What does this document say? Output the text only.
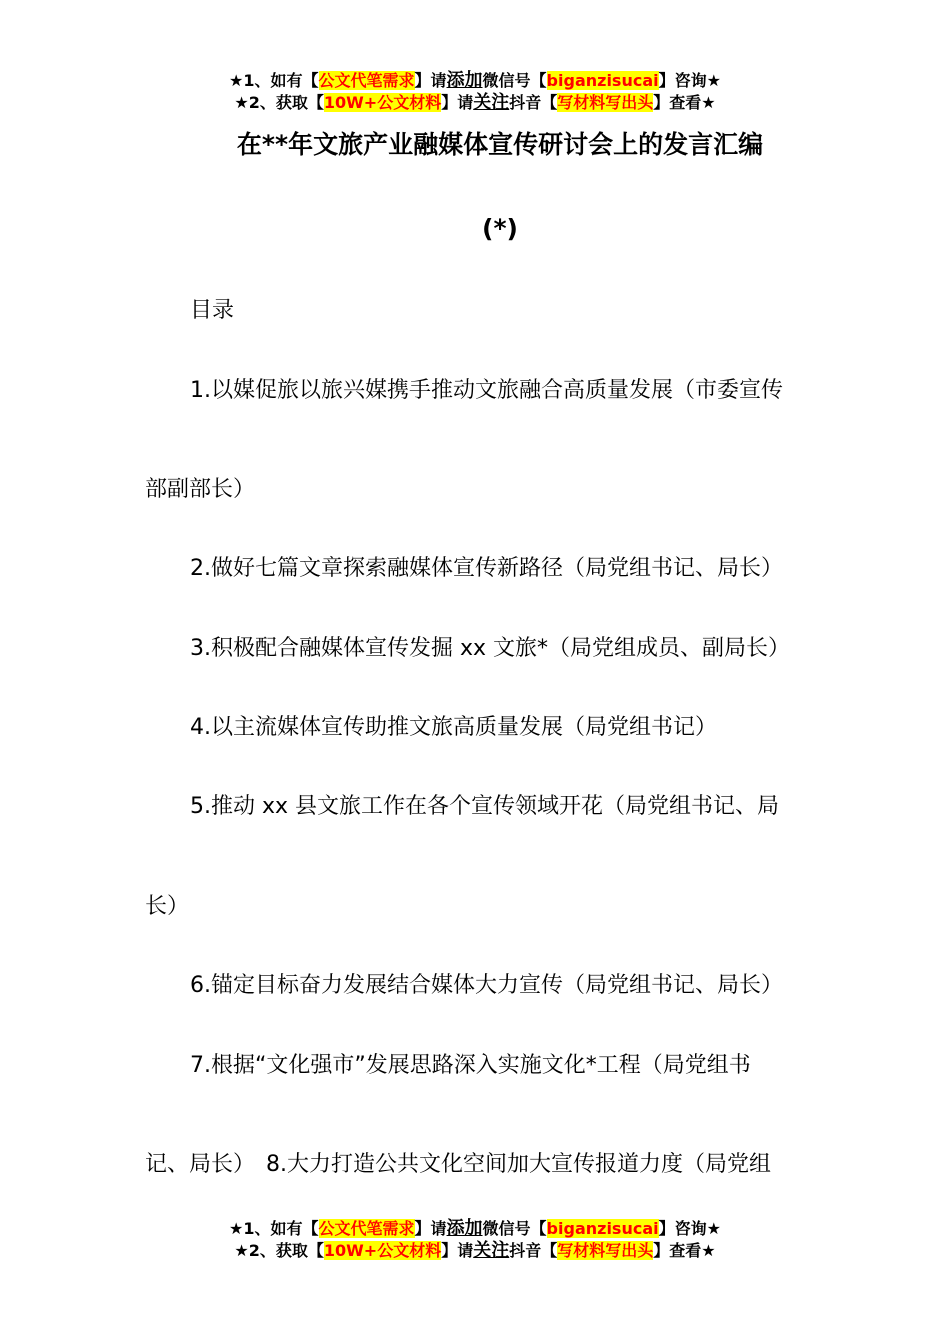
★1、如有【公文代笔需求】请添加微信号【biganzisucai】咨询★
★2、获取【10W+公文材料】请关注抖音【写材料写出头】查看★
在**年文旅产业融媒体宣传研讨会上的发言汇编
(*)
目录
1.以媒促旅以旅兴媒携手推动文旅融合高质量发展（市委宣传
部副部长）
2.做好七篇文章探索融媒体宣传新路径（局党组书记、局长）
3.积极配合融媒体宣传发掘 xx 文旅*（局党组成员、副局长）
4.以主流媒体宣传助推文旅高质量发展（局党组书记）
5.推动 xx 县文旅工作在各个宣传领域开花（局党组书记、局
长）
6.锚定目标奋力发展结合媒体大力宣传（局党组书记、局长）
7.根据“文化强市”发展思路深入实施文化*工程（局党组书
记、局长）　8.大力打造公共文化空间加大宣传报道力度（局党组
★1、如有【公文代笔需求】请添加微信号【biganzisucai】咨询★
★2、获取【10W+公文材料】请关注抖音【写材料写出头】查看★
